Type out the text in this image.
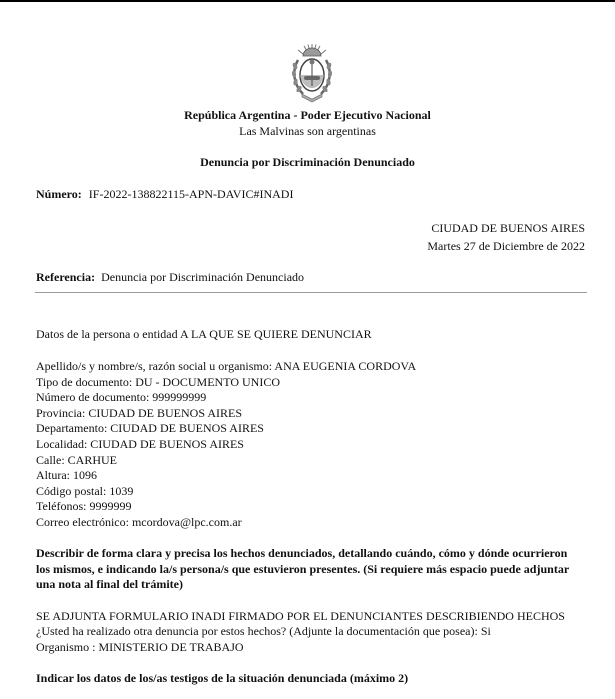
República Argentina - Poder Ejecutivo Nacional
Las Malvinas son argentinas
Denuncia por Discriminación Denunciado
Número: IF-2022-138822115-APN-DAVIC#INADI
CIUDAD DE BUENOS AIRES
Martes 27 de Diciembre de 2022
Referencia: Denuncia por Discriminación Denunciado
Datos de la persona o entidad A LA QUE SE QUIERE DENUNCIAR
Apellido/s y nombre/s, razón social u organismo: ANA EUGENIA CORDOVA
Tipo de documento: DU - DOCUMENTO UNICO
Número de documento: 999999999
Provincia: CIUDAD DE BUENOS AIRES
Departamento: CIUDAD DE BUENOS AIRES
Localidad: CIUDAD DE BUENOS AIRES
Calle: CARHUE
Altura: 1096
Código postal: 1039
Teléfonos: 9999999
Correo electrónico: mcordova@lpc.com.ar
Describir de forma clara y precisa los hechos denunciados, detallando cuándo, cómo y dónde ocurrieron los mismos, e indicando la/s persona/s que estuvieron presentes. (Si requiere más espacio puede adjuntar una nota al final del trámite)
SE ADJUNTA FORMULARIO INADI FIRMADO POR EL DENUNCIANTES DESCRIBIENDO HECHOS
¿Usted ha realizado otra denuncia por estos hechos? (Adjunte la documentación que posea): Si
Organismo : MINISTERIO DE TRABAJO
Indicar los datos de los/as testigos de la situación denunciada (máximo 2)
